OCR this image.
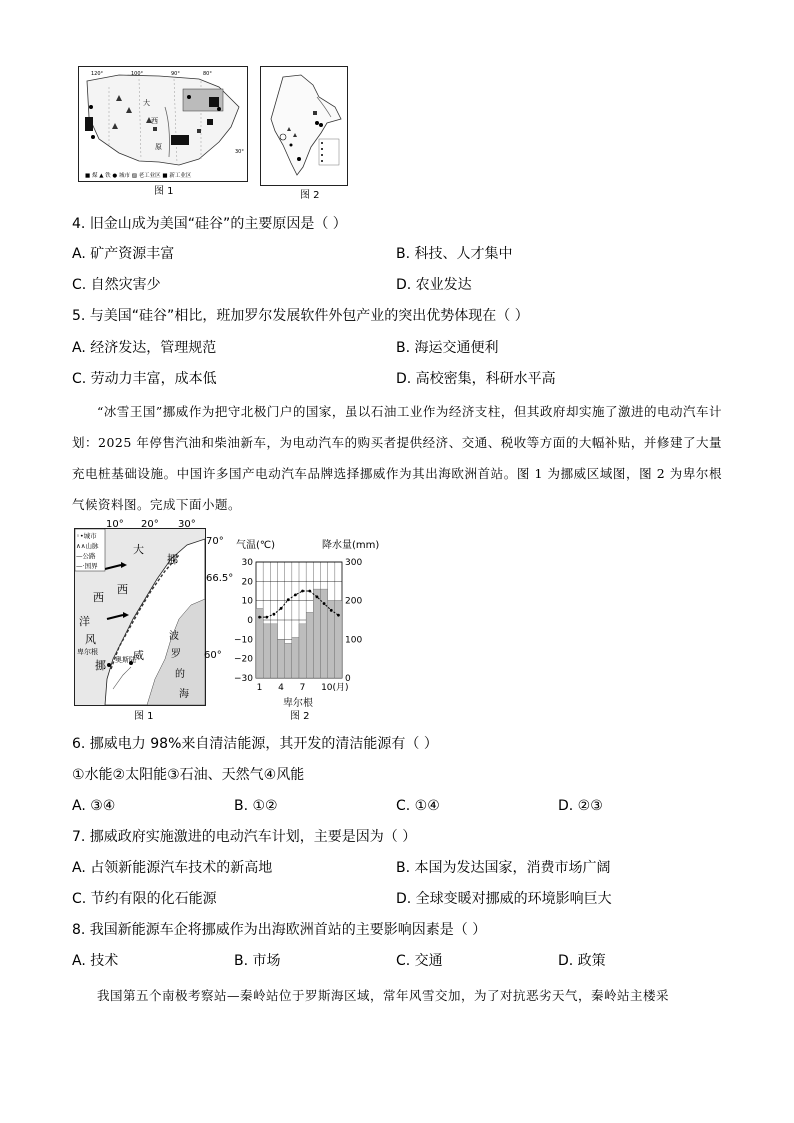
120°	100°	90°	80°
30°
大
西
原
■ 煤 ▲ 铁 ● 城市 ▨ 老工业区 ■ 新工业区
图 1	图 2
4. 旧金山成为美国“硅谷”的主要原因是（ ）
A. 矿产资源丰富	B. 科技、人才集中
C. 自然灾害少	D. 农业发达
5. 与美国“硅谷”相比，班加罗尔发展软件外包产业的突出优势体现在（ ）
A. 经济发达，管理规范	B. 海运交通便利
C. 劳动力丰富，成本低	D. 高校密集，科研水平高
“冰雪王国”挪威作为把守北极门户的国家，虽以石油工业作为经济支柱，但其政府却实施了激进的电动汽车计划：2025 年停售汽油和柴油新车，为电动汽车的购买者提供经济、交通、税收等方面的大幅补贴，并修建了大量充电桩基础设施。中国许多国产电动汽车品牌选择挪威作为其出海欧洲首站。图 1 为挪威区域图，图 2 为卑尔根气候资料图。完成下面小题。
◦•城市
∧∧山脉
—公路
—·国界
大
西
洋
西
风
挪
威
挪
波
罗
的
海
卑尔根
奥斯陆
10° 20° 30°
70°
66.5°
60°
图 1
30
20
10
0
−10
−20
−30
300
200
100
0
1 4 7 10(月)
气温(℃)	降水量(mm)
卑尔根
图 2
6. 挪威电力 98%来自清洁能源，其开发的清洁能源有（ ）
①水能②太阳能③石油、天然气④风能
A. ③④	B. ①②	C. ①④	D. ②③
7. 挪威政府实施激进的电动汽车计划，主要是因为（ ）
A. 占领新能源汽车技术的新高地	B. 本国为发达国家，消费市场广阔
C. 节约有限的化石能源	D. 全球变暖对挪威的环境影响巨大
8. 我国新能源车企将挪威作为出海欧洲首站的主要影响因素是（ ）
A. 技术	B. 市场	C. 交通	D. 政策
我国第五个南极考察站—秦岭站位于罗斯海区域，常年风雪交加，为了对抗恶劣天气，秦岭站主楼采
